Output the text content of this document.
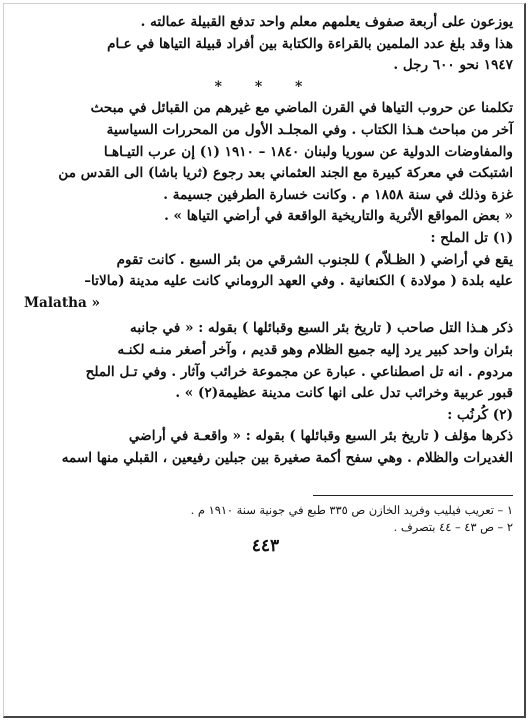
يوزعون على أربعة صفوف يعلمهم معلم واحد تدفع القبيلة عمالته .

هذا وقد بلغ عدد الملمين بالقراءة والكتابة بين أفراد قبيلة التياها في عـام

١٩٤٧ نحو ٦٠٠ رجل .

* * *

تكلمنا عن حروب التياها في القرن الماضي مع غيرهم من القبائل في مبحث

آخر من مباحث هـذا الكتاب . وفي المجلـد الأول من المحررات السياسية

والمفاوضات الدولية عن سوريا ولبنان ١٨٤٠ – ١٩١٠ (١) إن عرب التيـاهـا

اشتبكت في معركة كبيرة مع الجند العثماني بعد رجوع (ثريا باشا) الى القدس من

غزة وذلك في سنة ١٨٥٨ م . وكانت خسارة الطرفين جسيمة .

« بعض المواقع الأثرية والتاريخية الواقعة في أراضي التياها » .

(١) تل الملح :

يقع في أراضي ( الظـلاّم ) للجنوب الشرقي من بئر السبع . كانت تقوم

عليه بلدة ( مولادة ) الكنعانية . وفي العهد الروماني كانت عليه مدينة (مالاتا–

Malatha »

ذكر هـذا التل صاحب ( تاريخ بئر السبع وقبائلها ) بقوله : « في جانبه

بئران واحد كبير يرد إليه جميع الظلام وهو قديم ، وآخر أصغر منـه لكنـه

مردوم . انه تل اصطناعي . عبارة عن مجموعة خرائب وآثار . وفي تـل الملح

قبور عربية وخرائب تدل على انها كانت مدينة عظيمة(٢) » .

(٢) كُرنُب :

ذكرها مؤلف ( تاريخ بئر السبع وقبائلها ) بقوله : « واقعـة في أراضي

الغديرات والظلام . وهي سفح أكمة صغيرة بين جبلين رفيعين ، القبلي منها اسمه

١ – تعريب فيليب وفريد الخازن ص ٣٣٥ طبع في جونية سنة ١٩١٠ م .

٢ – ص ٤٣ – ٤٤ بتصرف .

٤٤٣
